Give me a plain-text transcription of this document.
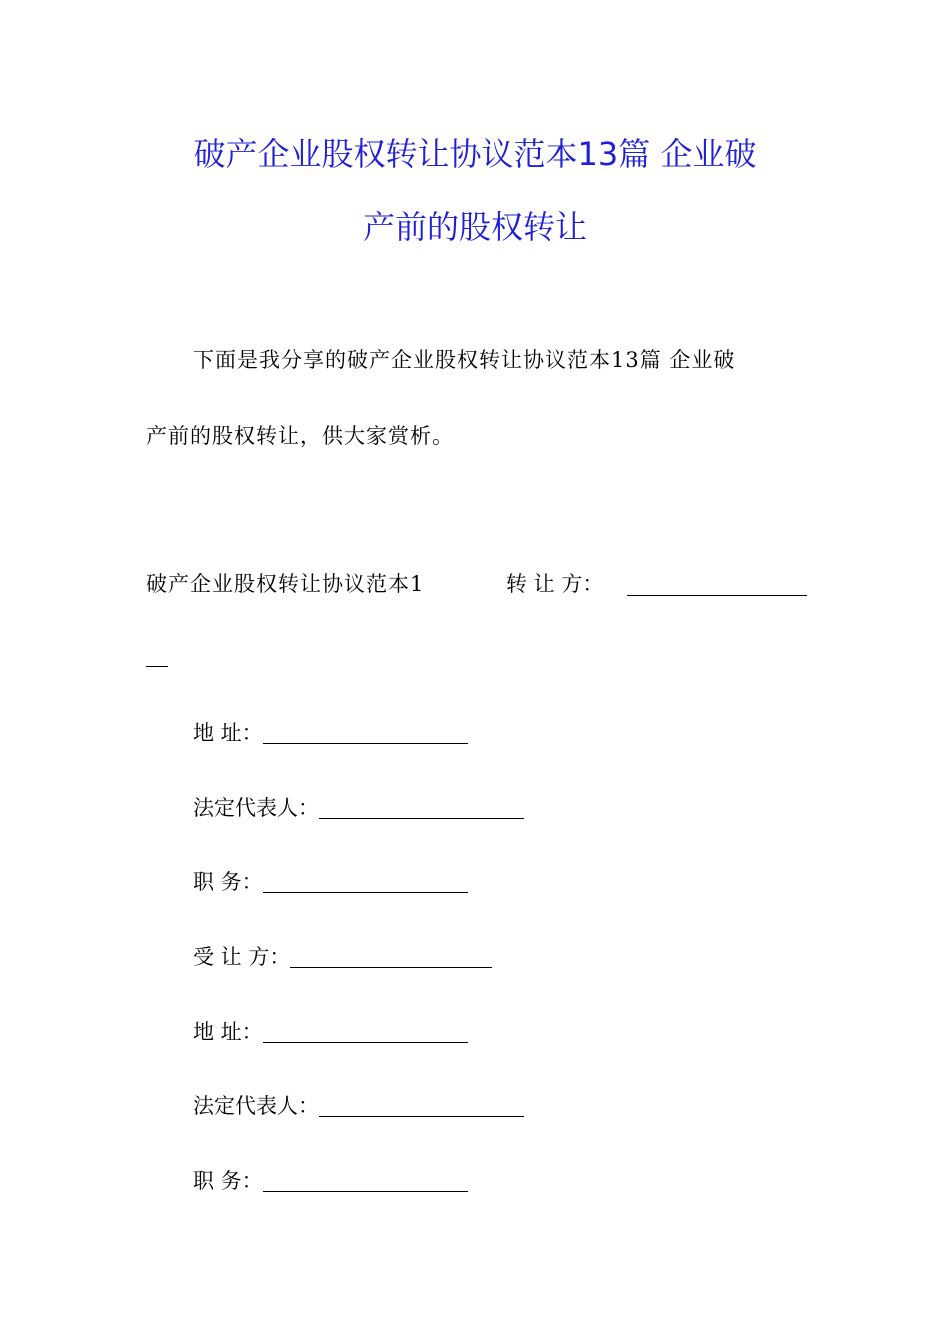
破产企业股权转让协议范本13篇 企业破
产前的股权转让
下面是我分享的破产企业股权转让协议范本13篇 企业破
产前的股权转让，供大家赏析。
破产企业股权转让协议范本1	转 让 方：
地 址：
法定代表人：
职 务：
受 让 方：
地 址：
法定代表人：
职 务：
